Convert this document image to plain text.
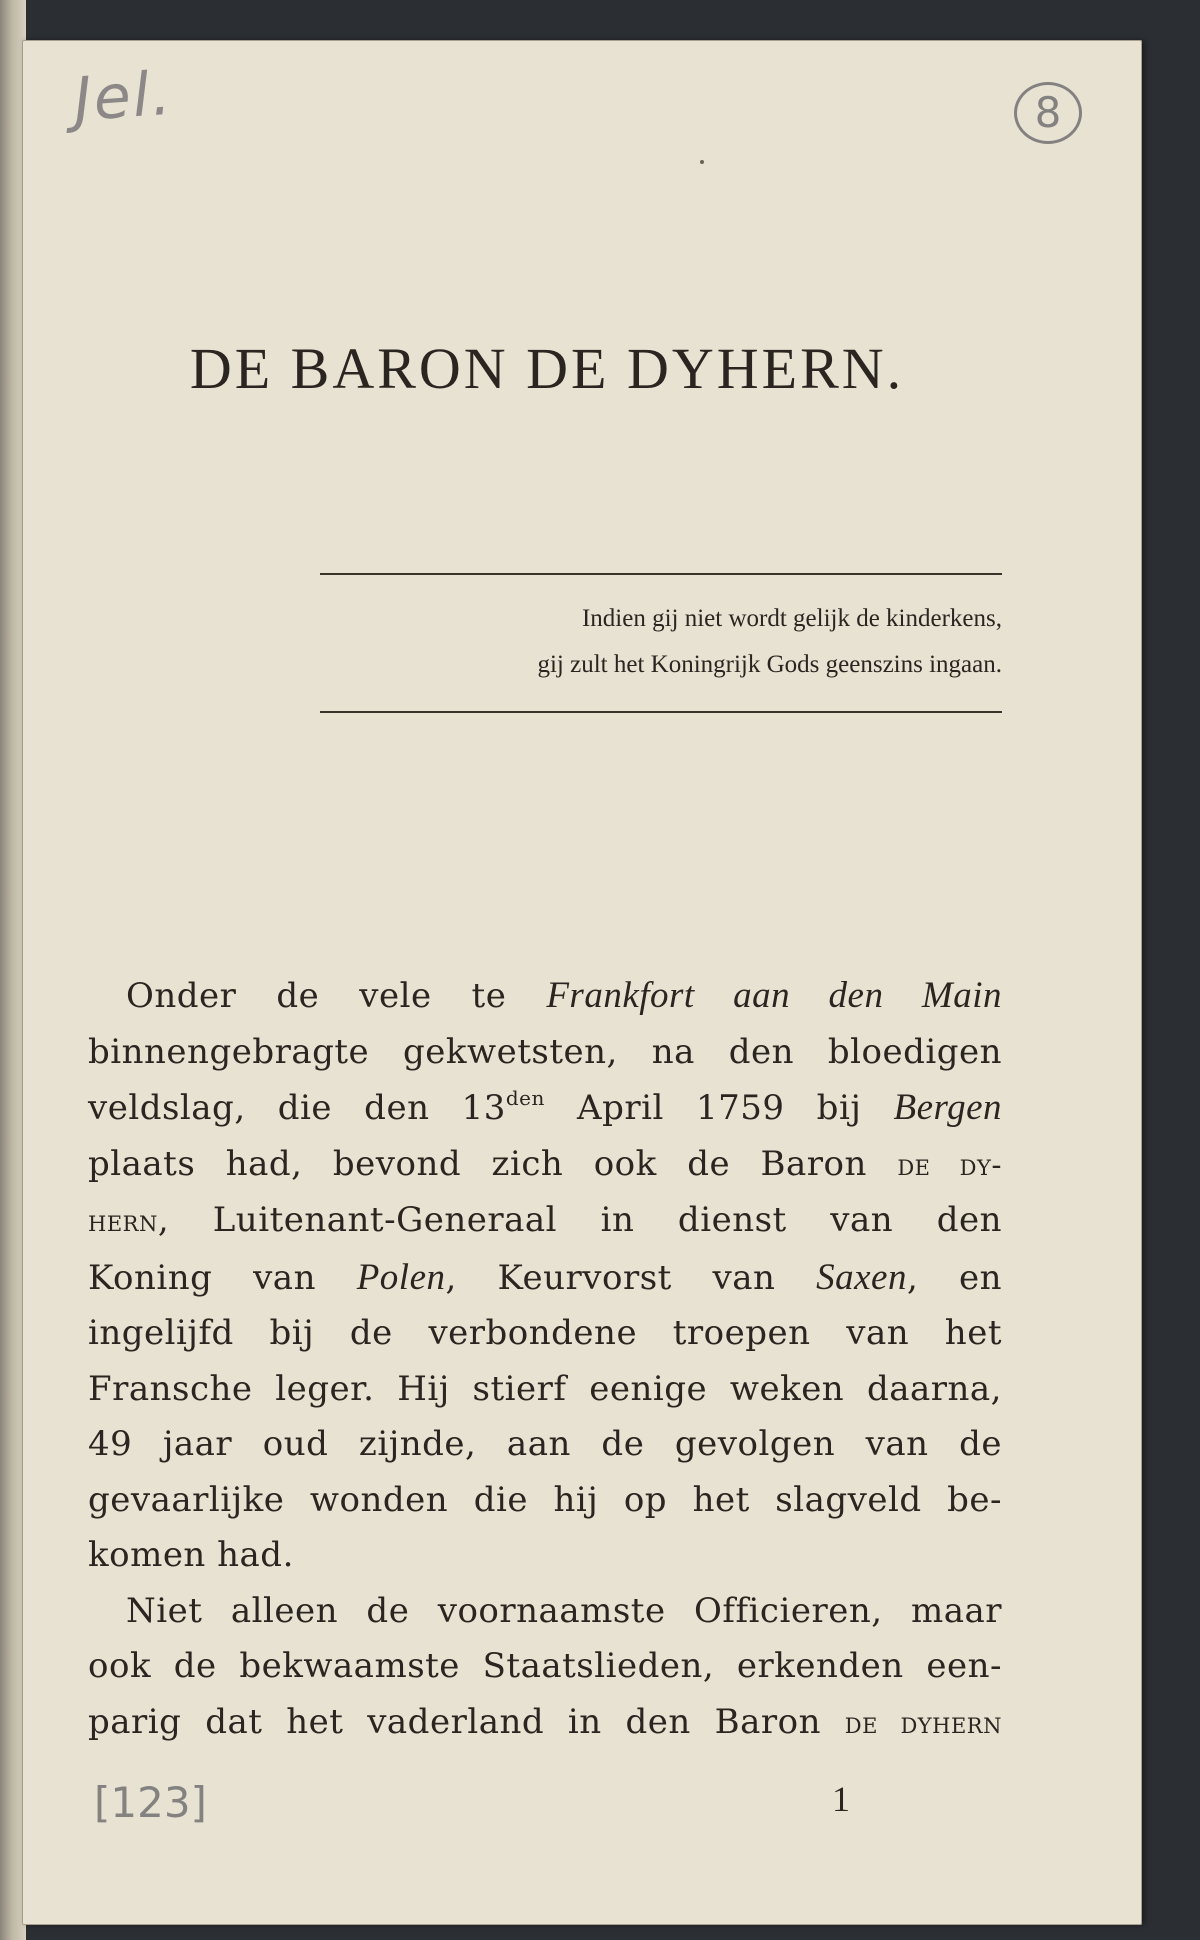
Jel.	8
DE BARON DE DYHERN.
Indien gij niet wordt gelijk de kinderkens,
gij zult het Koningrijk Gods geenszins ingaan.
Onder de vele te Frankfort aan den Main
binnengebragte gekwetsten, na den bloedigen
veldslag, die den $13^{den}$ April 1759 bij Bergen
plaats had, bevond zich ook de Baron de dy-
hern, Luitenant-Generaal in dienst van den
Koning van Polen, Keurvorst van Saxen, en
ingelijfd bij de verbondene troepen van het
Fransche leger. Hij stierf eenige weken daarna,
49 jaar oud zijnde, aan de gevolgen van de
gevaarlijke wonden die hij op het slagveld be-
komen had.
Niet alleen de voornaamste Officieren, maar
ook de bekwaamste Staatslieden, erkenden een-
parig dat het vaderland in den Baron de dyhern
1
[123]
